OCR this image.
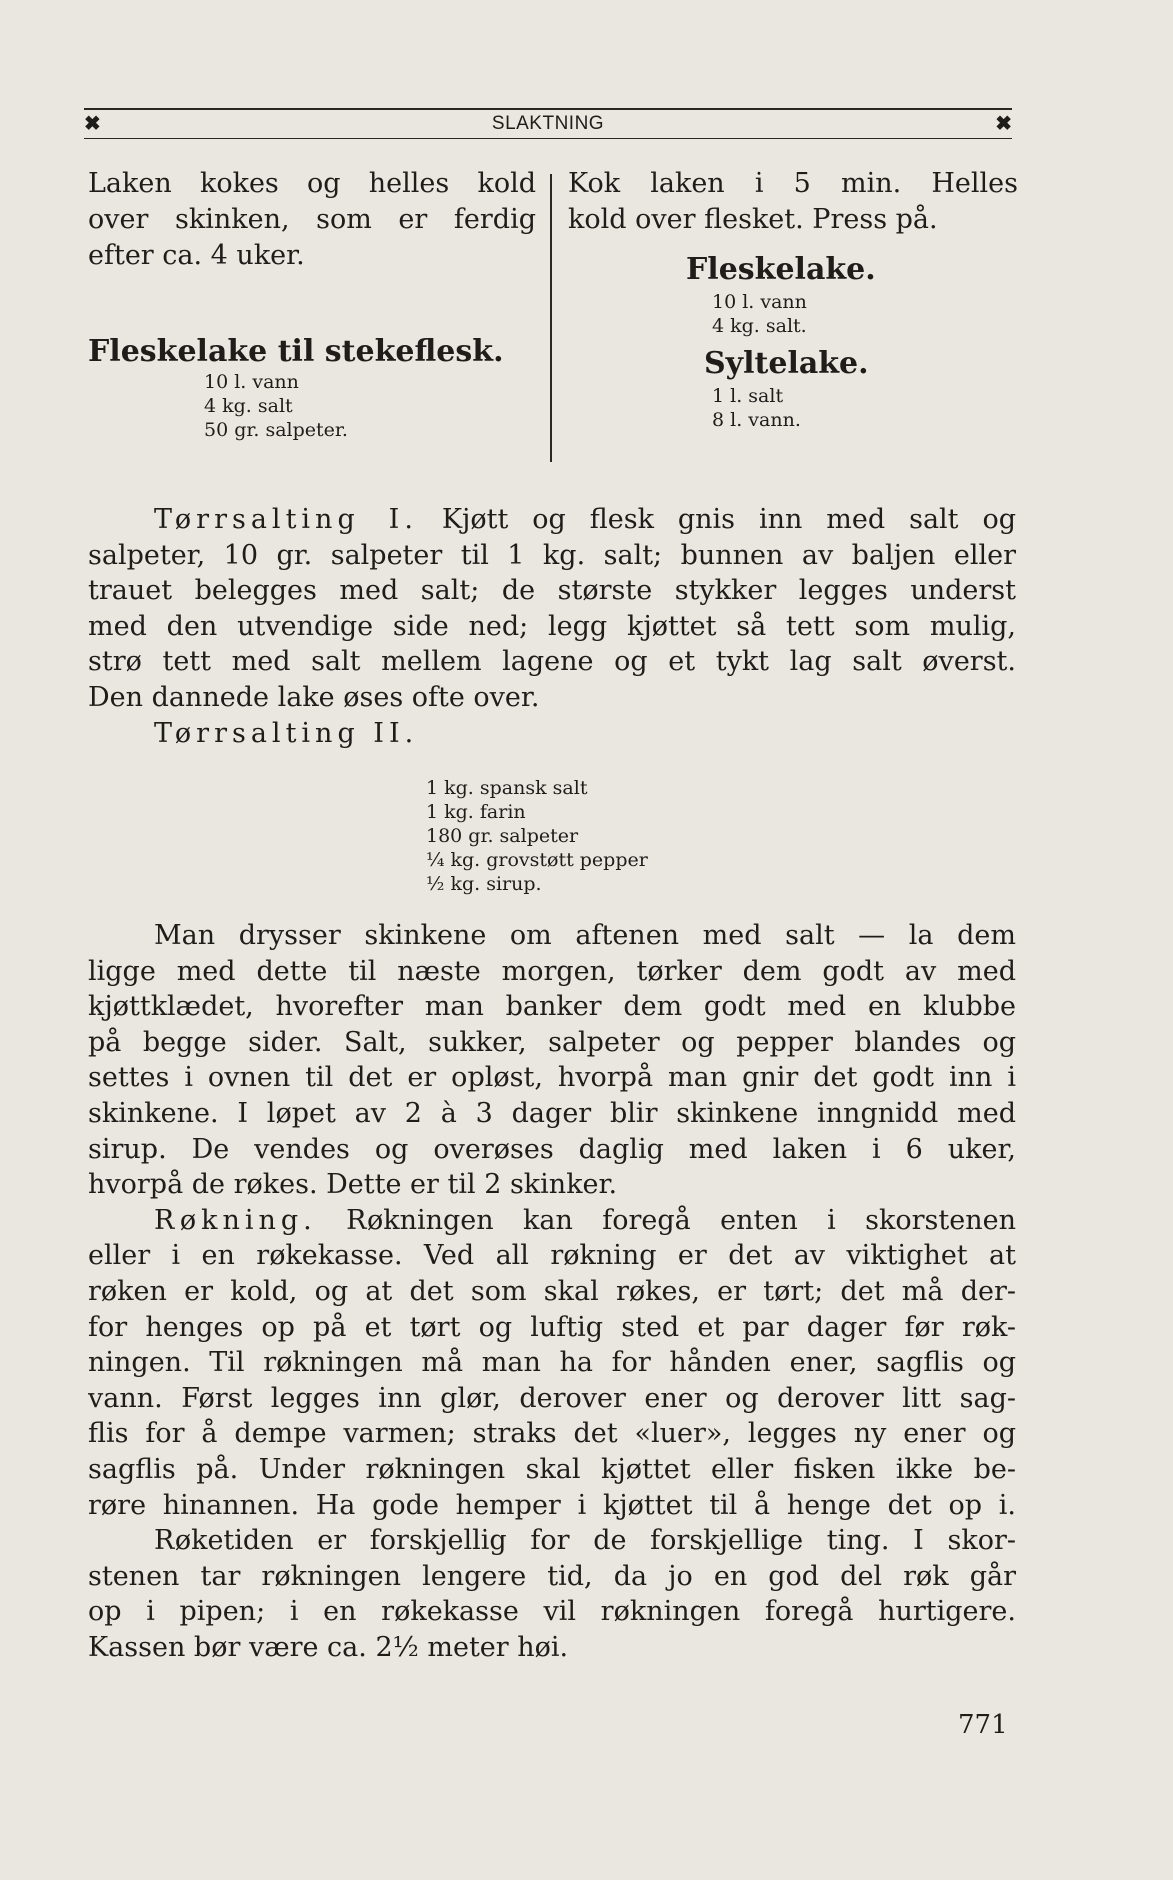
✖	SLAKTNING	✖
Laken kokes og helles kold
over skinken, som er ferdig
efter ca. 4 uker.
Fleskelake til stekeflesk.
10 l. vann
4 kg. salt
50 gr. salpeter.
Kok laken i 5 min. Helles
kold over flesket. Press på.
Fleskelake.
10 l. vann
4 kg. salt.
Syltelake.
1 l. salt
8 l. vann.
Tørrsalting I. Kjøtt og flesk gnis inn med salt og
salpeter, 10 gr. salpeter til 1 kg. salt; bunnen av baljen eller
trauet belegges med salt; de største stykker legges underst
med den utvendige side ned; legg kjøttet så tett som mulig,
strø tett med salt mellem lagene og et tykt lag salt øverst.
Den dannede lake øses ofte over.
Tørrsalting II.
1 kg. spansk salt
1 kg. farin
180 gr. salpeter
¼ kg. grovstøtt pepper
½ kg. sirup.
Man drysser skinkene om aftenen med salt — la dem
ligge med dette til næste morgen, tørker dem godt av med
kjøttklædet, hvorefter man banker dem godt med en klubbe
på begge sider. Salt, sukker, salpeter og pepper blandes og
settes i ovnen til det er opløst, hvorpå man gnir det godt inn i
skinkene. I løpet av 2 à 3 dager blir skinkene inngnidd med
sirup. De vendes og overøses daglig med laken i 6 uker,
hvorpå de røkes. Dette er til 2 skinker.
Røkning. Røkningen kan foregå enten i skorstenen
eller i en røkekasse. Ved all røkning er det av viktighet at
røken er kold, og at det som skal røkes, er tørt; det må der-
for henges op på et tørt og luftig sted et par dager før røk-
ningen. Til røkningen må man ha for hånden ener, sagflis og
vann. Først legges inn glør, derover ener og derover litt sag-
flis for å dempe varmen; straks det «luer», legges ny ener og
sagflis på. Under røkningen skal kjøttet eller fisken ikke be-
røre hinannen. Ha gode hemper i kjøttet til å henge det op i.
Røketiden er forskjellig for de forskjellige ting. I skor-
stenen tar røkningen lengere tid, da jo en god del røk går
op i pipen; i en røkekasse vil røkningen foregå hurtigere.
Kassen bør være ca. 2½ meter høi.
771
